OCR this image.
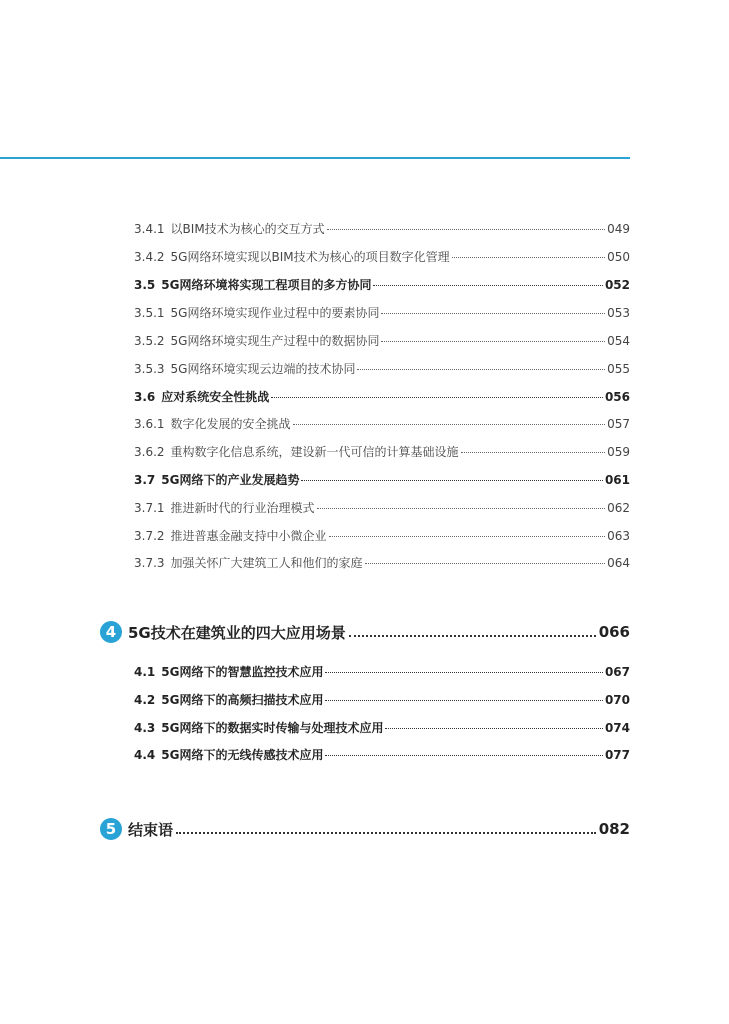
3.4.1 以BIM技术为核心的交互方式	049
3.4.2 5G网络环境实现以BIM技术为核心的项目数字化管理	050
3.5 5G网络环境将实现工程项目的多方协同	052
3.5.1 5G网络环境实现作业过程中的要素协同	053
3.5.2 5G网络环境实现生产过程中的数据协同	054
3.5.3 5G网络环境实现云边端的技术协同	055
3.6 应对系统安全性挑战	056
3.6.1 数字化发展的安全挑战	057
3.6.2 重构数字化信息系统，建设新一代可信的计算基础设施	059
3.7 5G网络下的产业发展趋势	061
3.7.1 推进新时代的行业治理模式	062
3.7.2 推进普惠金融支持中小微企业	063
3.7.3 加强关怀广大建筑工人和他们的家庭	064
4 5G技术在建筑业的四大应用场景	066
4.1 5G网络下的智慧监控技术应用	067
4.2 5G网络下的高频扫描技术应用	070
4.3 5G网络下的数据实时传输与处理技术应用	074
4.4 5G网络下的无线传感技术应用	077
5 结束语	082
